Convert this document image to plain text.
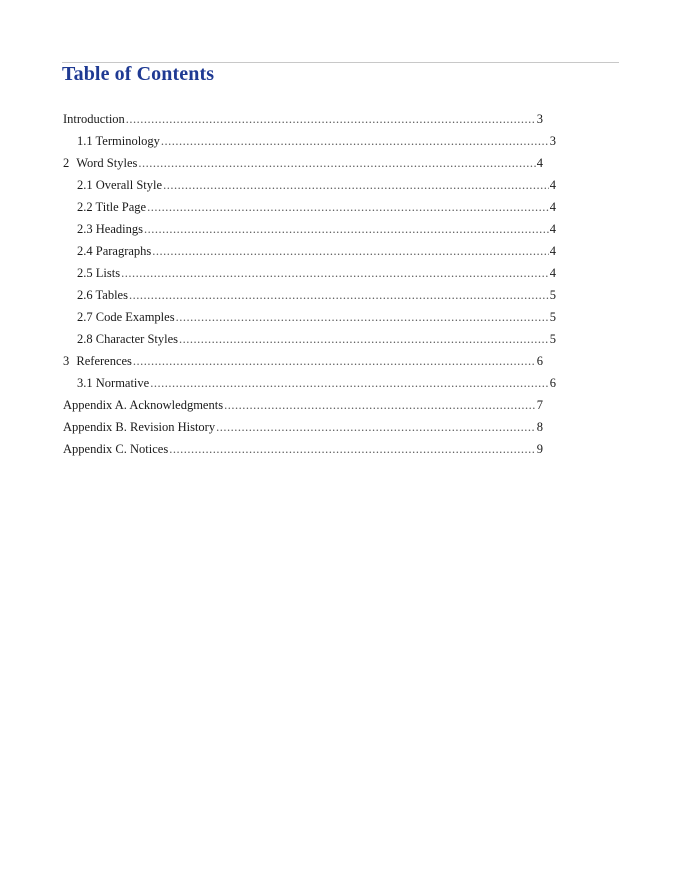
Table of Contents
Introduction .....	3
1.1 Terminology .....	3
2 Word Styles .....	4
2.1 Overall Style .....	4
2.2 Title Page .....	4
2.3 Headings .....	4
2.4 Paragraphs .....	4
2.5 Lists .....	4
2.6 Tables .....	5
2.7 Code Examples .....	5
2.8 Character Styles .....	5
3 References .....	6
3.1 Normative .....	6
Appendix A. Acknowledgments .....	7
Appendix B. Revision History .....	8
Appendix C. Notices .....	9
